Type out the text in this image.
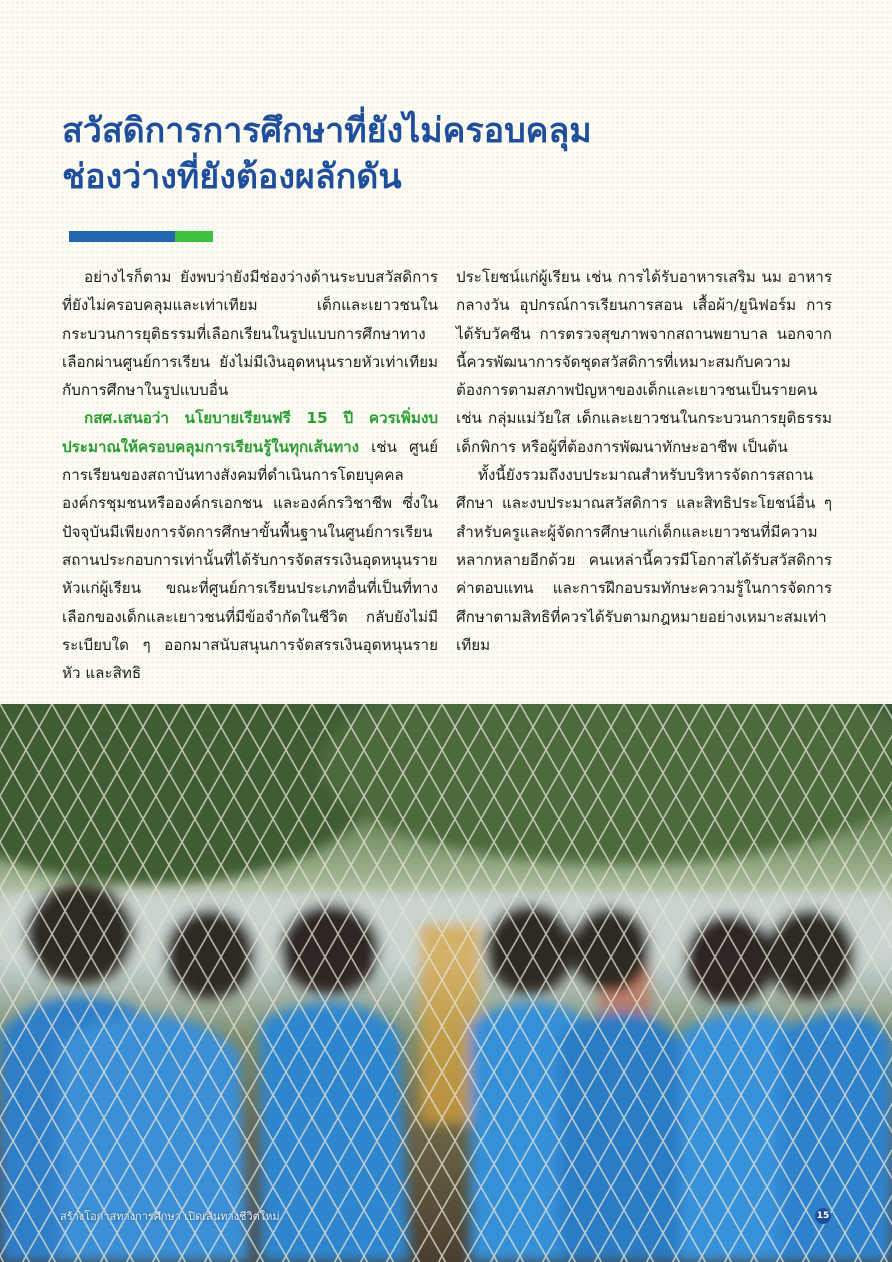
สวัสดิการการศึกษาที่ยังไม่ครอบคลุม
ช่องว่างที่ยังต้องผลักดัน

อย่างไรก็ตาม ยังพบว่ายังมีช่องว่างด้านระบบสวัสดิการที่ยังไม่ครอบคลุมและเท่าเทียม เด็กและเยาวชนในกระบวนการยุติธรรมที่เลือกเรียนในรูปแบบการศึกษาทางเลือกผ่านศูนย์การเรียน ยังไม่มีเงินอุดหนุนรายหัวเท่าเทียมกับการศึกษาในรูปแบบอื่น

กสศ.เสนอว่า นโยบายเรียนฟรี 15 ปี ควรเพิ่มงบประมาณให้ครอบคลุมการเรียนรู้ในทุกเส้นทาง เช่น ศูนย์การเรียนของสถาบันทางสังคมที่ดำเนินการโดยบุคคล องค์กรชุมชนหรือองค์กรเอกชน และองค์กรวิชาชีพ ซึ่งในปัจจุบันมีเพียงการจัดการศึกษาขั้นพื้นฐานในศูนย์การเรียนสถานประกอบการเท่านั้นที่ได้รับการจัดสรรเงินอุดหนุนรายหัวแก่ผู้เรียน ขณะที่ศูนย์การเรียนประเภทอื่นที่เป็นที่ทางเลือกของเด็กและเยาวชนที่มีข้อจำกัดในชีวิต กลับยังไม่มีระเบียบใด ๆ ออกมาสนับสนุนการจัดสรรเงินอุดหนุนรายหัว และสิทธิ

ประโยชน์แก่ผู้เรียน เช่น การได้รับอาหารเสริม นม อาหารกลางวัน อุปกรณ์การเรียนการสอน เสื้อผ้า/ยูนิฟอร์ม การได้รับวัคซีน การตรวจสุขภาพจากสถานพยาบาล นอกจากนี้ควรพัฒนาการจัดชุดสวัสดิการที่เหมาะสมกับความต้องการตามสภาพปัญหาของเด็กและเยาวชนเป็นรายคน เช่น กลุ่มแม่วัยใส เด็กและเยาวชนในกระบวนการยุติธรรม เด็กพิการ หรือผู้ที่ต้องการพัฒนาทักษะอาชีพ เป็นต้น

ทั้งนี้ยังรวมถึงงบประมาณสำหรับบริหารจัดการสถานศึกษา และงบประมาณสวัสดิการ และสิทธิประโยชน์อื่น ๆ สำหรับครูและผู้จัดการศึกษาแก่เด็กและเยาวชนที่มีความหลากหลายอีกด้วย คนเหล่านี้ควรมีโอกาสได้รับสวัสดิการ ค่าตอบแทน และการฝึกอบรมทักษะความรู้ในการจัดการศึกษาตามสิทธิที่ควรได้รับตามกฎหมายอย่างเหมาะสมเท่าเทียม

สร้างโอกาสทางการศึกษา เปิดเส้นทางชีวิตใหม่	15
